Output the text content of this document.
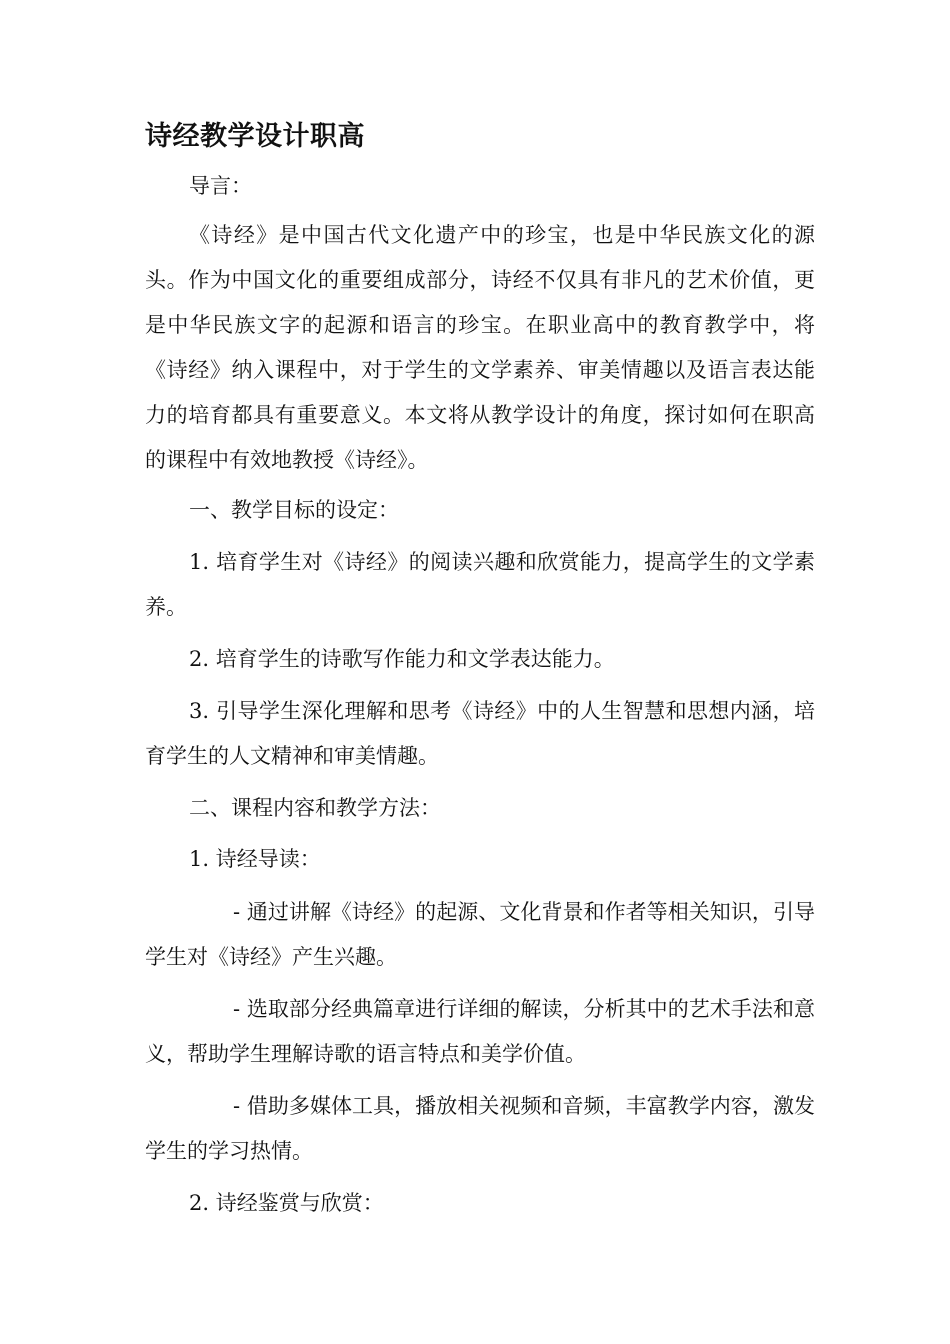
诗经教学设计职高

导言：

《诗经》是中国古代文化遗产中的珍宝，也是中华民族文化的源头。作为中国文化的重要组成部分，诗经不仅具有非凡的艺术价值，更是中华民族文字的起源和语言的珍宝。在职业高中的教育教学中，将《诗经》纳入课程中，对于学生的文学素养、审美情趣以及语言表达能力的培育都具有重要意义。本文将从教学设计的角度，探讨如何在职高的课程中有效地教授《诗经》。

一、教学目标的设定：

1. 培育学生对《诗经》的阅读兴趣和欣赏能力，提高学生的文学素养。

2. 培育学生的诗歌写作能力和文学表达能力。

3. 引导学生深化理解和思考《诗经》中的人生智慧和思想内涵，培育学生的人文精神和审美情趣。

二、课程内容和教学方法：

1. 诗经导读：

- 通过讲解《诗经》的起源、文化背景和作者等相关知识，引导学生对《诗经》产生兴趣。

- 选取部分经典篇章进行详细的解读，分析其中的艺术手法和意义，帮助学生理解诗歌的语言特点和美学价值。

- 借助多媒体工具，播放相关视频和音频，丰富教学内容，激发学生的学习热情。

2. 诗经鉴赏与欣赏：
